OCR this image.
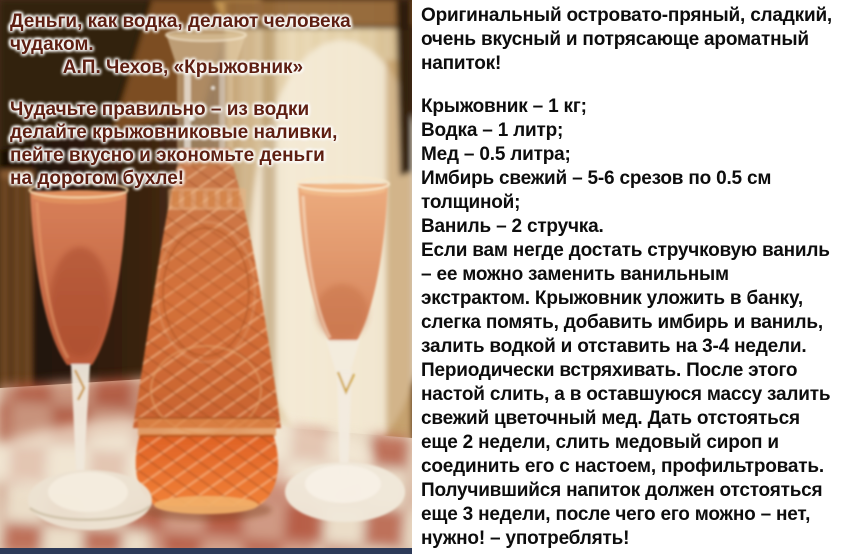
Деньги, как водка, делают человека
чудаком.
А.П. Чехов, «Крыжовник»
Чудачьте правильно – из водки
делайте крыжовниковые наливки,
пейте вкусно и экономьте деньги
на дорогом бухле!
Оригинальный островато-пряный, сладкий,
очень вкусный и потрясающе ароматный
напиток!
Крыжовник – 1 кг;
Водка – 1 литр;
Мед – 0.5 литра;
Имбирь свежий – 5-6 срезов по 0.5 см
толщиной;
Ваниль – 2 стручка.
Если вам негде достать стручковую ваниль
– ее можно заменить ванильным
экстрактом. Крыжовник уложить в банку,
слегка помять, добавить имбирь и ваниль,
залить водкой и отставить на 3-4 недели.
Периодически встряхивать. После этого
настой слить, а в оставшуюся массу залить
свежий цветочный мед. Дать отстояться
еще 2 недели, слить медовый сироп и
соединить его с настоем, профильтровать.
Получившийся напиток должен отстояться
еще 3 недели, после чего его можно – нет,
нужно! – употреблять!
